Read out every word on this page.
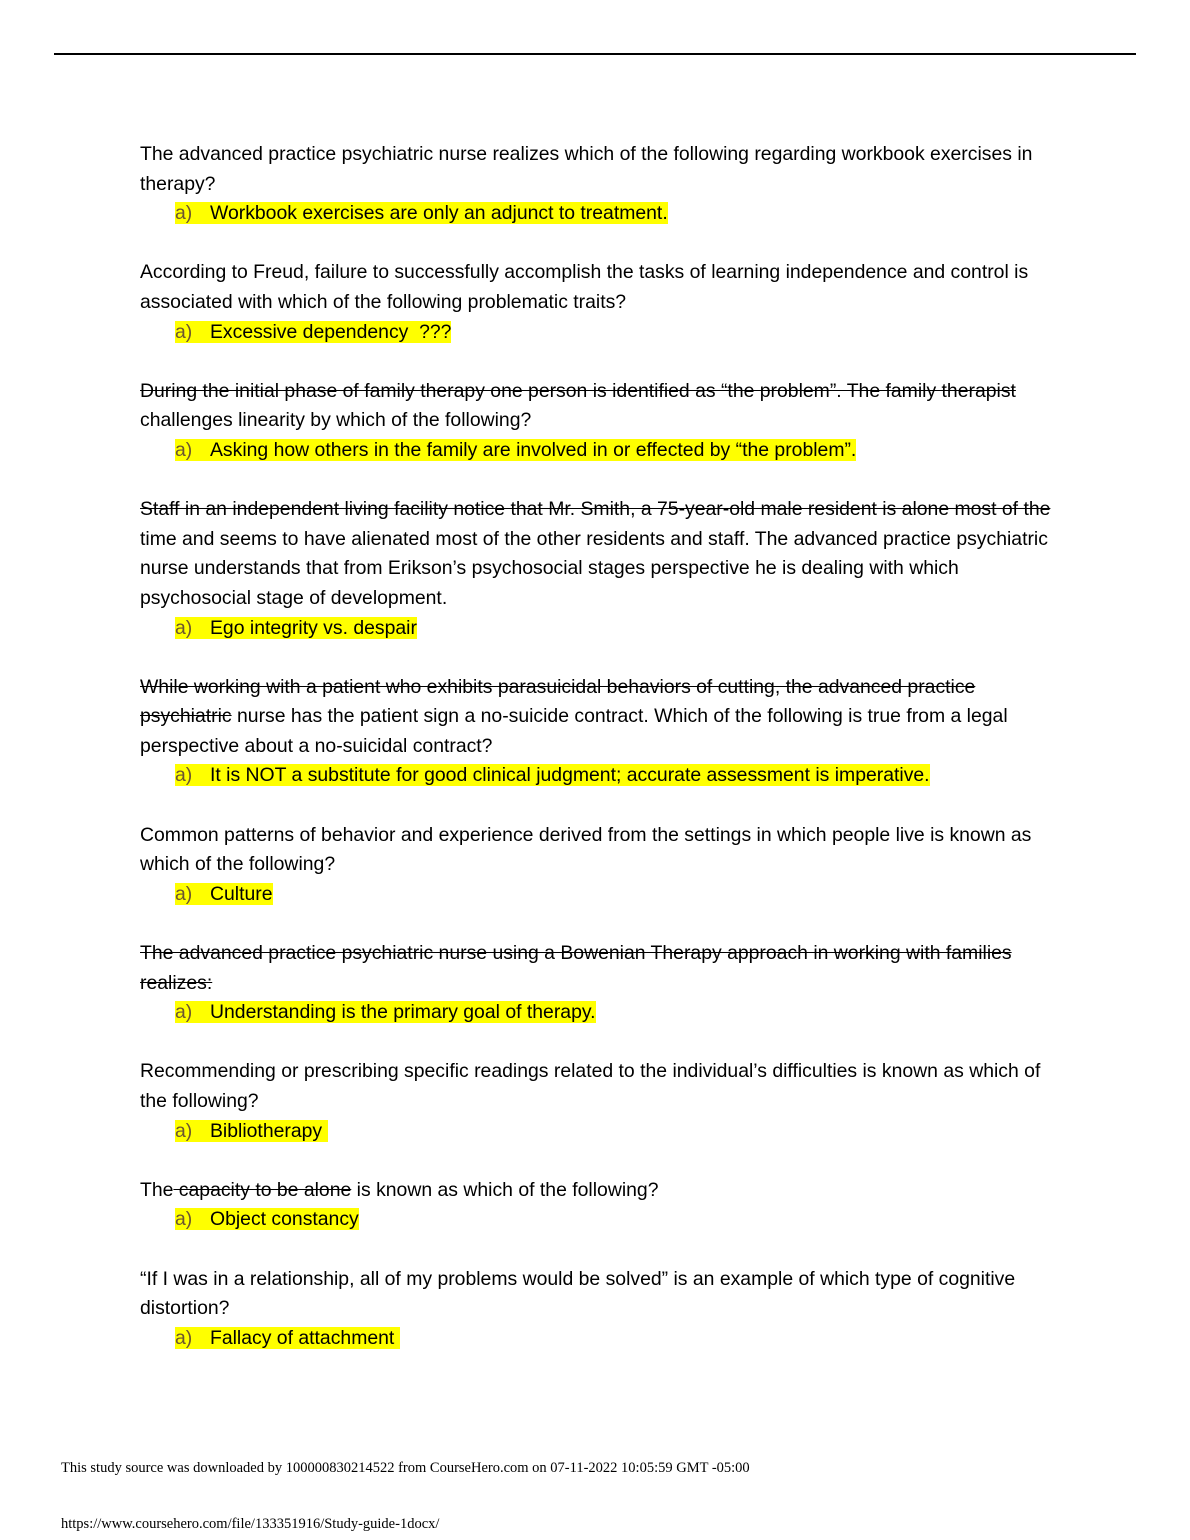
The advanced practice psychiatric nurse realizes which of the following regarding workbook exercises in therapy?

a) Workbook exercises are only an adjunct to treatment.

According to Freud, failure to successfully accomplish the tasks of learning independence and control is associated with which of the following problematic traits?

a) Excessive dependency  ???

During the initial phase of family therapy one person is identified as “the problem”. The family therapist challenges linearity by which of the following?

a) Asking how others in the family are involved in or effected by “the problem”.

Staff in an independent living facility notice that Mr. Smith, a 75-year-old male resident is alone most of the time and seems to have alienated most of the other residents and staff. The advanced practice psychiatric nurse understands that from Erikson’s psychosocial stages perspective he is dealing with which psychosocial stage of development.

a) Ego integrity vs. despair

While working with a patient who exhibits parasuicidal behaviors of cutting, the advanced practice psychiatric nurse has the patient sign a no-suicide contract. Which of the following is true from a legal perspective about a no-suicidal contract?

a) It is NOT a substitute for good clinical judgment; accurate assessment is imperative.

Common patterns of behavior and experience derived from the settings in which people live is known as which of the following?

a) Culture

The advanced practice psychiatric nurse using a Bowenian Therapy approach in working with families realizes:

a) Understanding is the primary goal of therapy.

Recommending or prescribing specific readings related to the individual’s difficulties is known as which of the following?

a) Bibliotherapy

The capacity to be alone is known as which of the following?

a) Object constancy

“If I was in a relationship, all of my problems would be solved” is an example of which type of cognitive distortion?

a) Fallacy of attachment

This study source was downloaded by 100000830214522 from CourseHero.com on 07-11-2022 10:05:59 GMT -05:00
https://www.coursehero.com/file/133351916/Study-guide-1docx/
